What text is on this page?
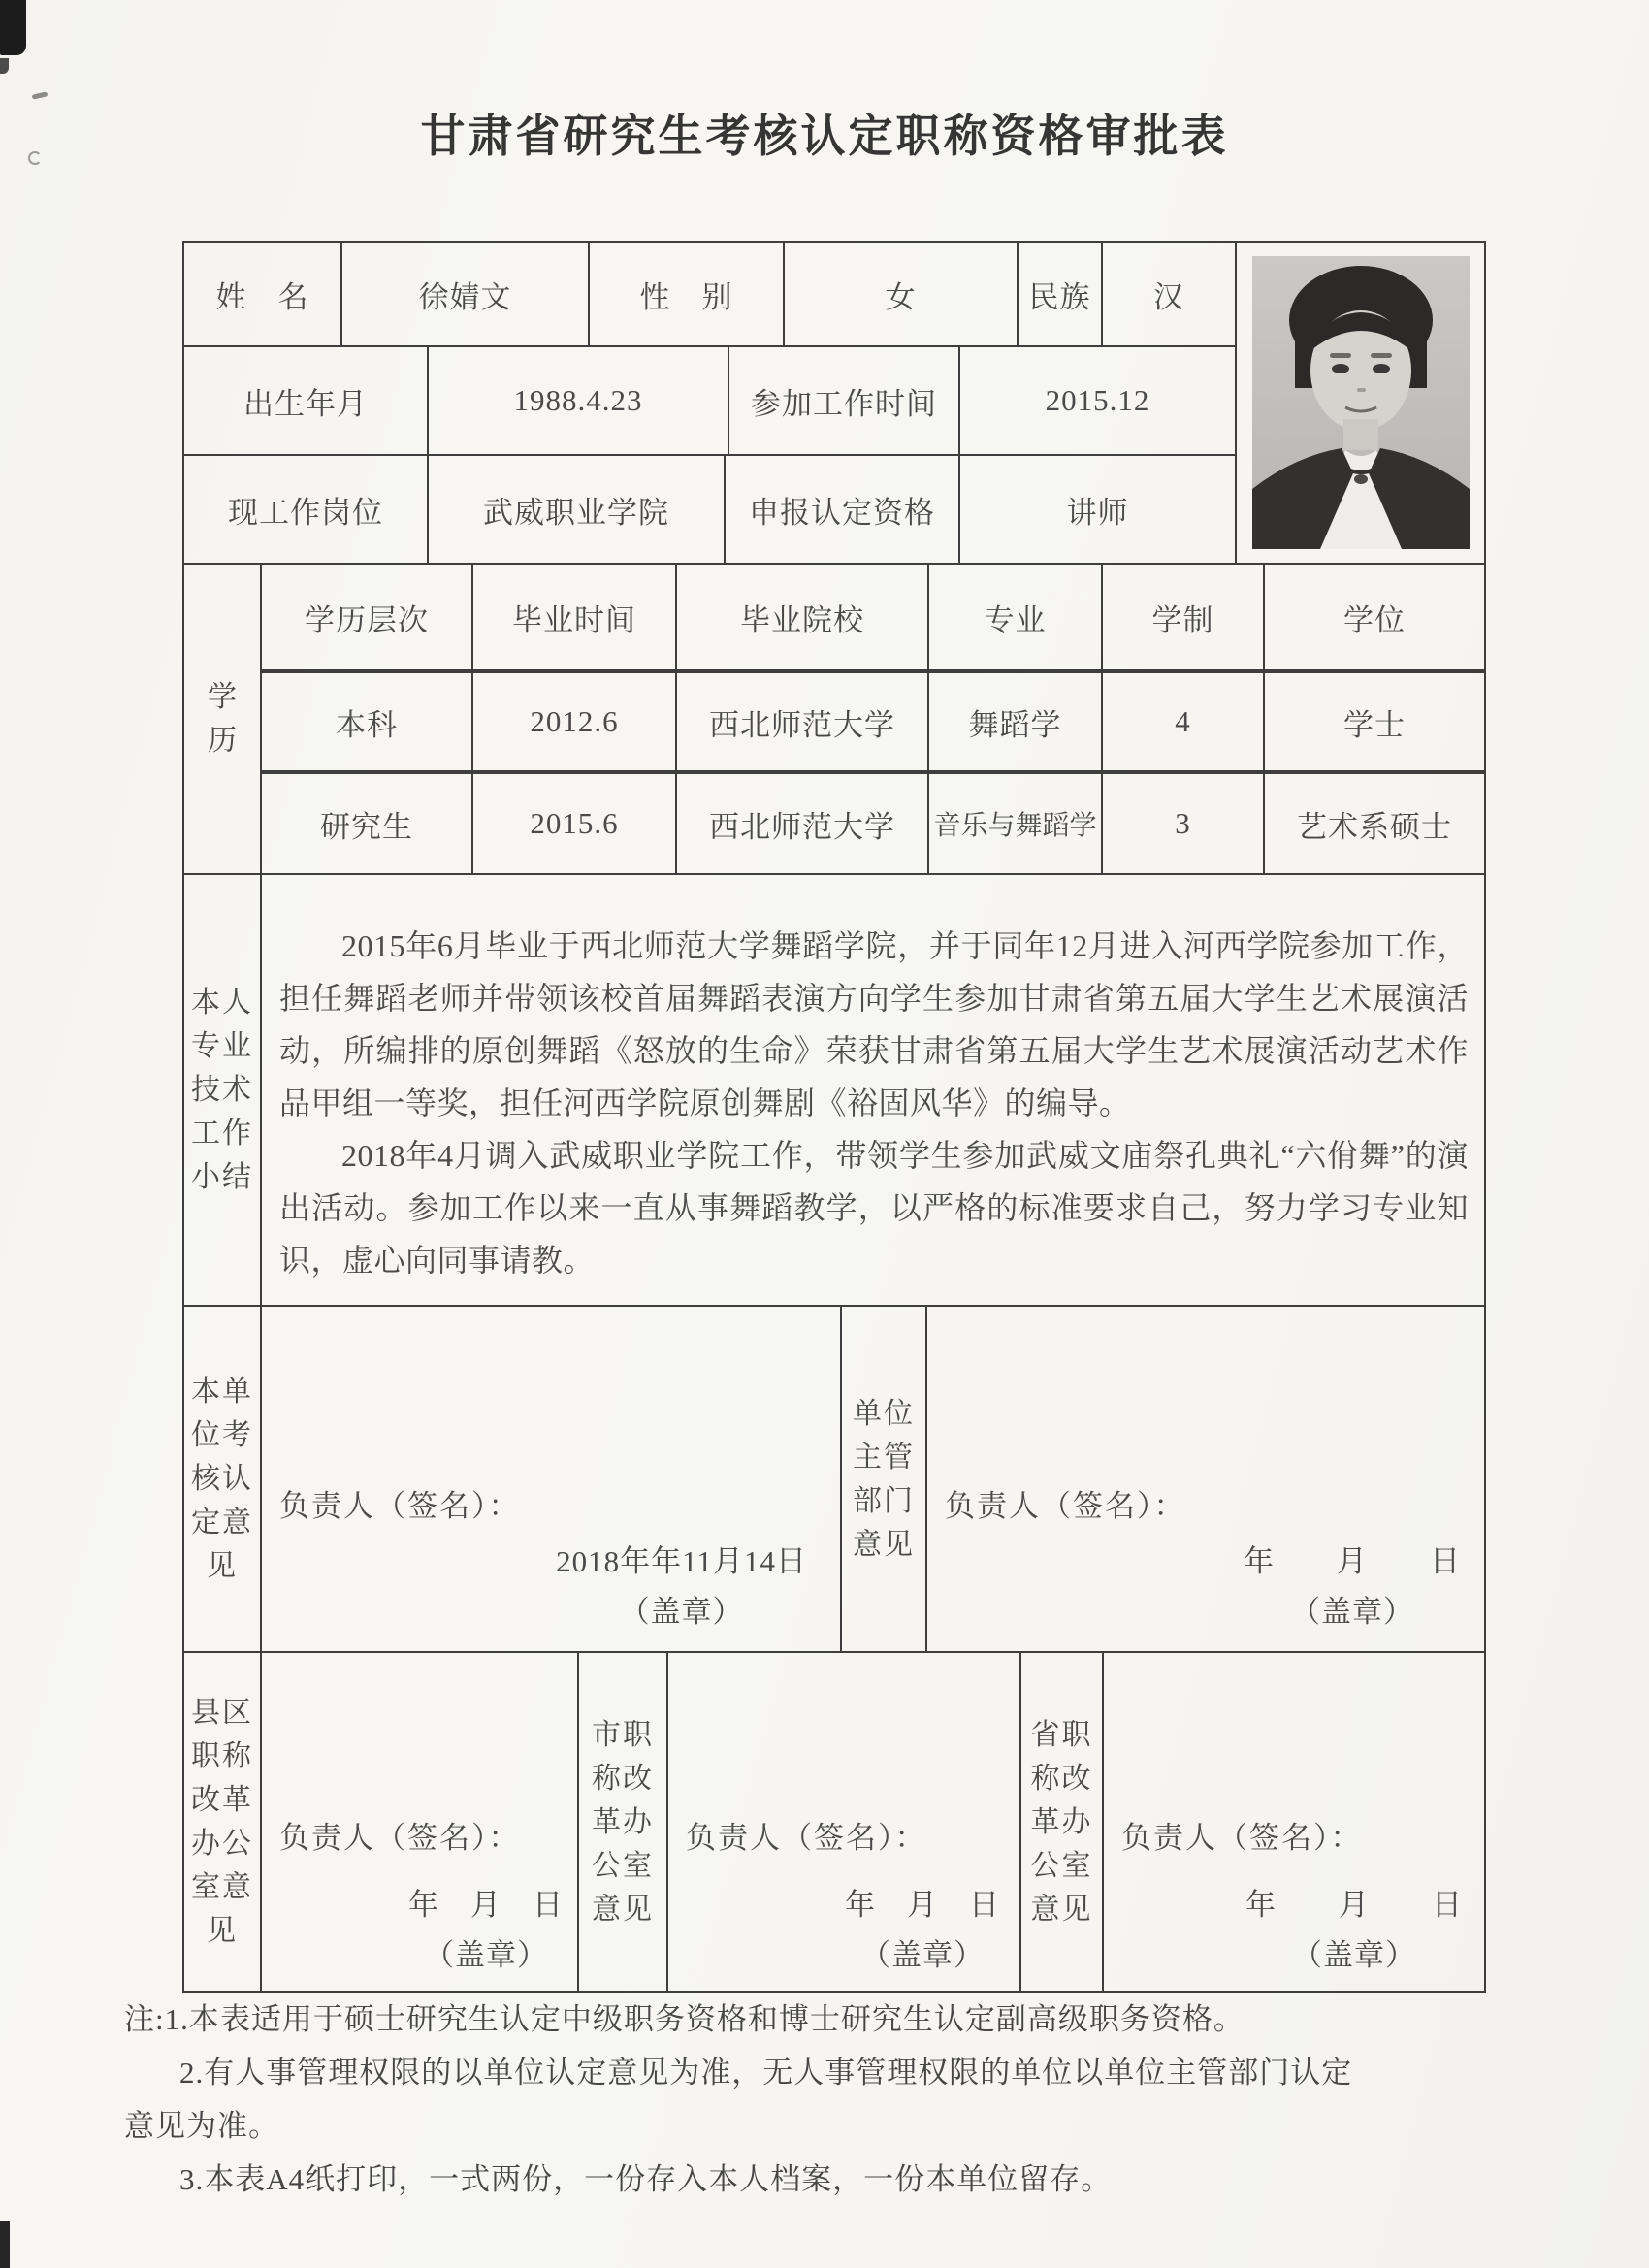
甘肃省研究生考核认定职称资格审批表
姓　名	徐婧文	性　别	女	民族	汉
出生年月	1988.4.23	参加工作时间	2015.12
现工作岗位	武威职业学院	申报认定资格	讲师
学历
学历层次	毕业时间	毕业院校	专业	学制	学位
本科	2012.6	西北师范大学	舞蹈学	4	学士
研究生	2015.6	西北师范大学	音乐与舞蹈学	3	艺术系硕士
本人专业技术工作小结

2015年6月毕业于西北师范大学舞蹈学院，并于同年12月进入河西学院参加工作，担任舞蹈老师并带领该校首届舞蹈表演方向学生参加甘肃省第五届大学生艺术展演活动，所编排的原创舞蹈《怒放的生命》荣获甘肃省第五届大学生艺术展演活动艺术作品甲组一等奖，担任河西学院原创舞剧《裕固风华》的编导。

2018年4月调入武威职业学院工作，带领学生参加武威文庙祭孔典礼“六佾舞”的演出活动。参加工作以来一直从事舞蹈教学，以严格的标准要求自己，努力学习专业知识，虚心向同事请教。

本单位考核认定意见
负责人（签名）：
2018年年11月14日
（盖章）
单位主管部门意见
负责人（签名）：
年　　月　　日
（盖章）
县区职称改革办公室意见
负责人（签名）：
年　月　日
（盖章）
市职称改革办公室意见
负责人（签名）：
年　月　日
（盖章）
省职称改革办公室意见
负责人（签名）：
年　　月　　日
（盖章）
注:1.本表适用于硕士研究生认定中级职务资格和博士研究生认定副高级职务资格。
2.有人事管理权限的以单位认定意见为准，无人事管理权限的单位以单位主管部门认定
意见为准。
3.本表A4纸打印，一式两份，一份存入本人档案，一份本单位留存。
